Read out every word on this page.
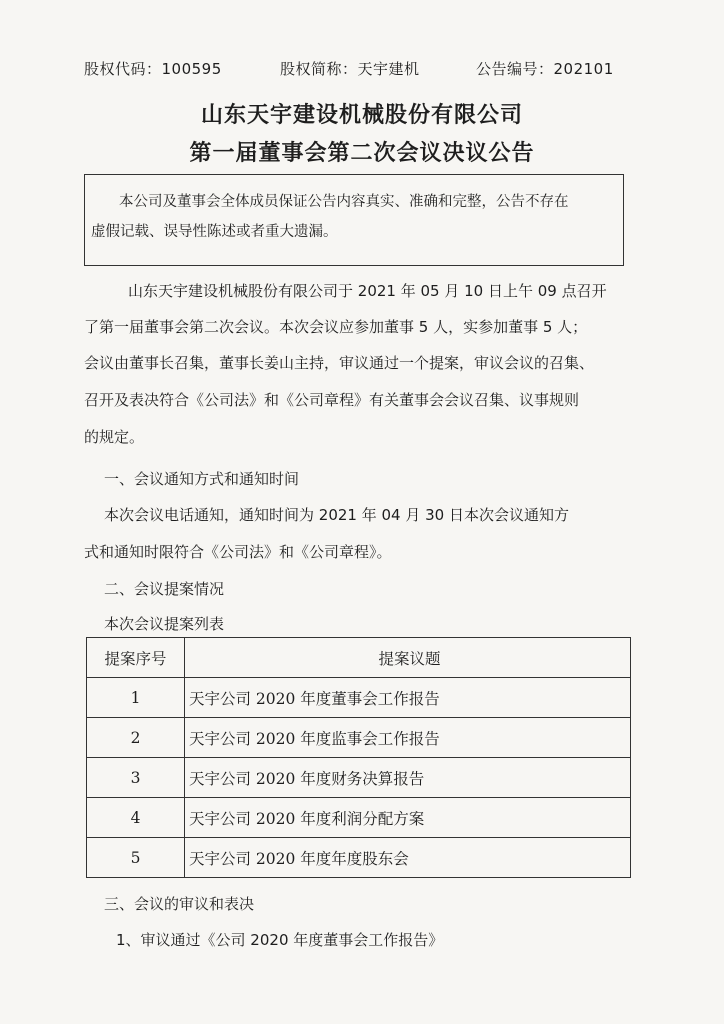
股权代码：100595	股权简称：天宇建机	公告编号：202101
山东天宇建设机械股份有限公司
第一届董事会第二次会议决议公告
本公司及董事会全体成员保证公告内容真实、准确和完整，公告不存在
虚假记载、误导性陈述或者重大遗漏。
山东天宇建设机械股份有限公司于 2021 年 05 月 10 日上午 09 点召开
了第一届董事会第二次会议。本次会议应参加董事 5 人，实参加董事 5 人；
会议由董事长召集，董事长姜山主持，审议通过一个提案，审议会议的召集、
召开及表决符合《公司法》和《公司章程》有关董事会会议召集、议事规则
的规定。
一、会议通知方式和通知时间
本次会议电话通知，通知时间为 2021 年 04 月 30 日本次会议通知方
式和通知时限符合《公司法》和《公司章程》。
二、会议提案情况
本次会议提案列表
提案序号	提案议题
1	天宇公司 2020 年度董事会工作报告
2	天宇公司 2020 年度监事会工作报告
3	天宇公司 2020 年度财务决算报告
4	天宇公司 2020 年度利润分配方案
5	天宇公司 2020 年度年度股东会
三、会议的审议和表决
1、审议通过《公司 2020 年度董事会工作报告》
